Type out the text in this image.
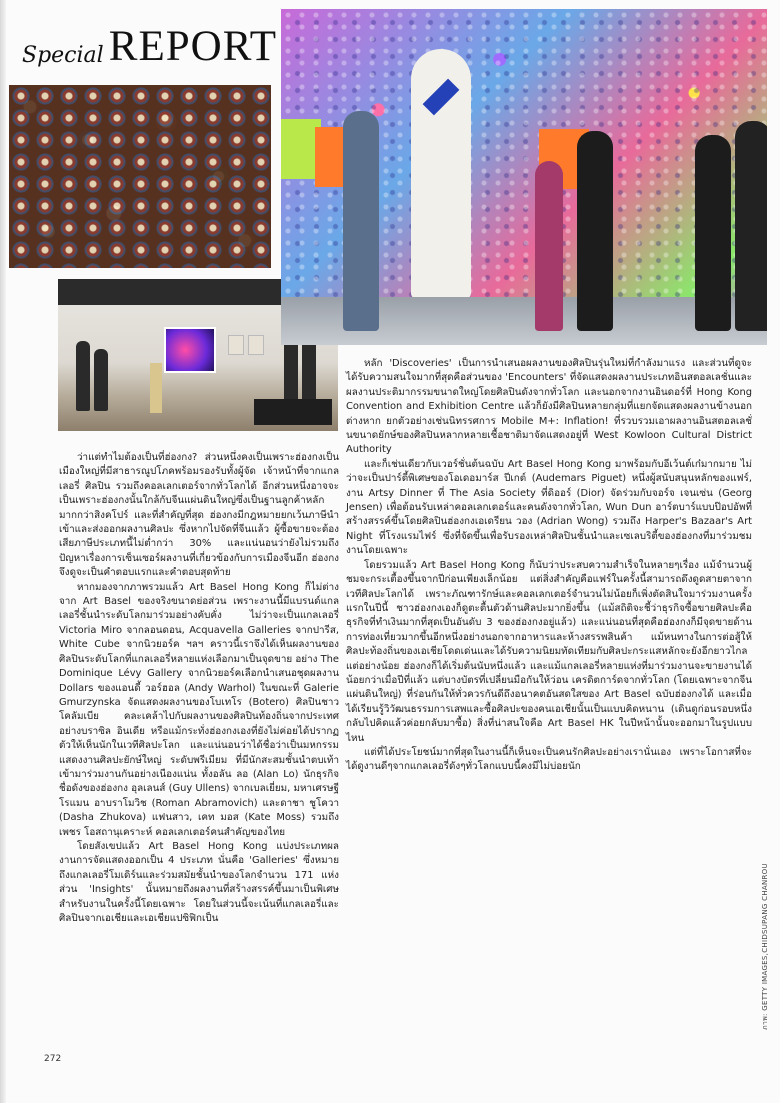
Special REPORT

ว่าแต่ทำไมต้องเป็นที่ฮ่องกง? ส่วนหนึ่งคงเป็นเพราะฮ่องกงเป็นเมืองใหญ่ที่มีสาธารณูปโภคพร้อมรองรับทั้งผู้จัด เจ้าหน้าที่จากแกลเลอรี่ ศิลปิน รวมถึงคอลเลกเตอร์จากทั่วโลกได้ อีกส่วนหนึ่งอาจจะเป็นเพราะฮ่องกงนั้นใกล้กับจีนแผ่นดินใหญ่ซึ่งเป็นฐานลูกค้าหลักมากกว่าสิงคโปร์ และที่สำคัญที่สุด ฮ่องกงมีกฎหมายยกเว้นภาษีนำเข้าและส่งออกผลงานศิลปะ ซึ่งหากไปจัดที่จีนแล้ว ผู้ซื้อขายจะต้องเสียภาษีประเภทนี้ไม่ต่ำกว่า 30% และแน่นอนว่ายังไม่รวมถึงปัญหาเรื่องการเซ็นเซอร์ผลงานที่เกี่ยวข้องกับการเมืองจีนอีก ฮ่องกงจึงดูจะเป็นคำตอบแรกและคำตอบสุดท้าย

หากมองจากภาพรวมแล้ว Art Basel Hong Kong ก็ไม่ต่างจาก Art Basel ของจริงขนาดย่อส่วน เพราะงานนี้มีแบรนด์แกลเลอรี่ชั้นนำระดับโลกมาร่วมอย่างคับคั่ง ไม่ว่าจะเป็นแกลเลอรี่ Victoria Miro จากลอนดอน, Acquavella Galleries จากปารีส, White Cube จากนิวยอร์ค ฯลฯ คราวนี้เราจึงได้เห็นผลงานของศิลปินระดับโลกที่แกลเลอรี่หลายแห่งเลือกมาเป็นจุดขาย อย่าง The Dominique Lévy Gallery จากนิวยอร์คเลือกนำเสนอชุดผลงาน Dollars ของแอนดี้ วอร์ฮอล (Andy Warhol) ในขณะที่ Galerie Gmurzynska จัดแสดงผลงานของโบเทโร (Botero) ศิลปินชาวโคลัมเบีย คละเคล้าไปกับผลงานของศิลปินท้องถิ่นจากประเทศอย่างบราซิล อินเดีย หรือแม้กระทั่งฮ่องกงเองที่ยังไม่ค่อยได้ปรากฏตัวให้เห็นนักในเวทีศิลปะโลก และแน่นอนว่าได้ชื่อว่าเป็นมหกรรมแสดงงานศิลปะยักษ์ใหญ่ ระดับพรีเมียม ที่มีนักสะสมชั้นนำตบเท้าเข้ามาร่วมงานกันอย่างเนืองแน่น ทั้งอลัน ลอ (Alan Lo) นักธุรกิจชื่อดังของฮ่องกง อุลเลนส์ (Guy Ullens) จากเบลเยี่ยม, มหาเศรษฐี โรแมน อาบราโมวิช (Roman Abramovich) และดาชา ชูโควา (Dasha Zhukova) แฟนสาว, เคท มอส (Kate Moss) รวมถึงเพชร โอสถานุเคราะห์ คอลเลกเตอร์คนสำคัญของไทย

โดยสังเขปแล้ว Art Basel Hong Kong แบ่งประเภทผลงานการจัดแสดงออกเป็น 4 ประเภท นั่นคือ 'Galleries' ซึ่งหมายถึงแกลเลอรี่โมเดิร์นและร่วมสมัยชั้นนำของโลกจำนวน 171 แห่ง ส่วน 'Insights' นั้นหมายถึงผลงานที่สร้างสรรค์ขึ้นมาเป็นพิเศษสำหรับงานในครั้งนี้โดยเฉพาะ โดยในส่วนนี้จะเน้นที่แกลเลอรี่และศิลปินจากเอเชียและเอเชียแปซิฟิกเป็น

หลัก 'Discoveries' เป็นการนำเสนอผลงานของศิลปินรุ่นใหม่ที่กำลังมาแรง และส่วนที่ดูจะได้รับความสนใจมากที่สุดคือส่วนของ 'Encounters' ที่จัดแสดงผลงานประเภทอินสตอลเลชั่นและผลงานประติมากรรมขนาดใหญ่โดยศิลปินดังจากทั่วโลก และนอกจากงานอินดอร์ที่ Hong Kong Convention and Exhibition Centre แล้วก็ยังมีศิลปินหลายกลุ่มที่แยกจัดแสดงผลงานข้างนอกต่างหาก ยกตัวอย่างเช่นนิทรรศการ Mobile M+: Inflation! ที่รวบรวมเอาผลงานอินสตอลเลชั่นขนาดยักษ์ของศิลปินหลากหลายเชื้อชาติมาจัดแสดงอยู่ที่ West Kowloon Cultural District Authority

และก็เช่นเดียวกับเวอร์ชั่นต้นฉบับ Art Basel Hong Kong มาพร้อมกับอีเว้นต์เก๋มากมาย ไม่ว่าจะเป็นปาร์ตี้พิเศษของโอเดอมาร์ส ปีเกต์ (Audemars Piguet) หนึ่งผู้สนับสนุนหลักของแฟร์, งาน Artsy Dinner ที่ The Asia Society ที่ดิออร์ (Dior) จัดร่วมกับจอร์จ เจนเซ่น (Georg Jensen) เพื่อต้อนรับเหล่าคอลเลกเตอร์และคนดังจากทั่วโลก, Wun Dun อาร์ตบาร์แบบป๊อปอัพที่สร้างสรรค์ขึ้นโดยศิลปินฮ่องกงเอเดรียน วอง (Adrian Wong) รวมถึง Harper's Bazaar's Art Night ที่โรงแรมไฟร์ ซึ่งที่จัดขึ้นเพื่อรับรองเหล่าศิลปินชั้นนำและเซเลบริตี้ของฮ่องกงที่มาร่วมชมงานโดยเฉพาะ

โดยรวมแล้ว Art Basel Hong Kong ก็นับว่าประสบความสำเร็จในหลายๆเรื่อง แม้จำนวนผู้ชมจะกระเตื้องขึ้นจากปีก่อนเพียงเล็กน้อย แต่สิ่งสำคัญคือแฟร์ในครั้งนี้สามารถดึงดูดสายตาจากเวทีศิลปะโลกได้ เพราะภัณฑารักษ์และคอลเลกเตอร์จำนวนไม่น้อยก็เพิ่งตัดสินใจมาร่วมงานครั้งแรกในปีนี้ ชาวฮ่องกงเองก็ดูตะตื้นตัวด้านศิลปะมากยิ่งขึ้น (แม้สถิติจะชี้ว่าธุรกิจซื้อขายศิลปะคือธุรกิจที่ทำเงินมากที่สุดเป็นอันดับ 3 ของฮ่องกงอยู่แล้ว) และแน่นอนที่สุดคือฮ่องกงก็มีจุดขายด้านการท่องเที่ยวมากขึ้นอีกหนึ่งอย่างนอกจากอาหารและห้างสรรพสินค้า แม้หนทางในการต่อสู้ให้ศิลปะท้องถิ่นของเอเชียโดดเด่นและได้รับความนิยมทัดเทียมกับศิลปะกระแสหลักจะยังอีกยาวไกล แต่อย่างน้อย ฮ่องกงก็ได้เริ่มต้นนับหนึ่งแล้ว และแม้แกลเลอรี่หลายแห่งที่มาร่วมงานจะขายงานได้น้อยกว่าเมื่อปีที่แล้ว แต่บางบัตรที่เปลี่ยนมือกันให้ว่อน เครดิตการ์ดจากทั่วโลก (โดยเฉพาะจากจีนแผ่นดินใหญ่) ที่ร่อนกันให้ทั่วควรกันดีถึงอนาคตอันสดใสของ Art Basel ฉบับฮ่องกงได้ และเมื่อได้เรียนรู้วิวัฒนธรรมการเสพและซื้อศิลปะของคนเอเชียนั้นเป็นแบบคิดหนาน (เดินดูก่อนรอบหนึ่ง กลับไปคิดแล้วค่อยกลับมาซื้อ) สิ่งที่น่าสนใจคือ Art Basel HK ในปีหน้านั้นจะออกมาในรูปแบบไหน

แต่ที่ได้ประโยชน์มากที่สุดในงานนี้ก็เห็นจะเป็นคนรักศิลปะอย่างเรานั่นเอง เพราะโอกาสที่จะได้ดูงานดีๆจากแกลเลอรี่ดังๆทั่วโลกแบบนี้คงมีไม่บ่อยนัก

272
ภาพ: GETTY IMAGES,CHIDSUPANG CHANROU
